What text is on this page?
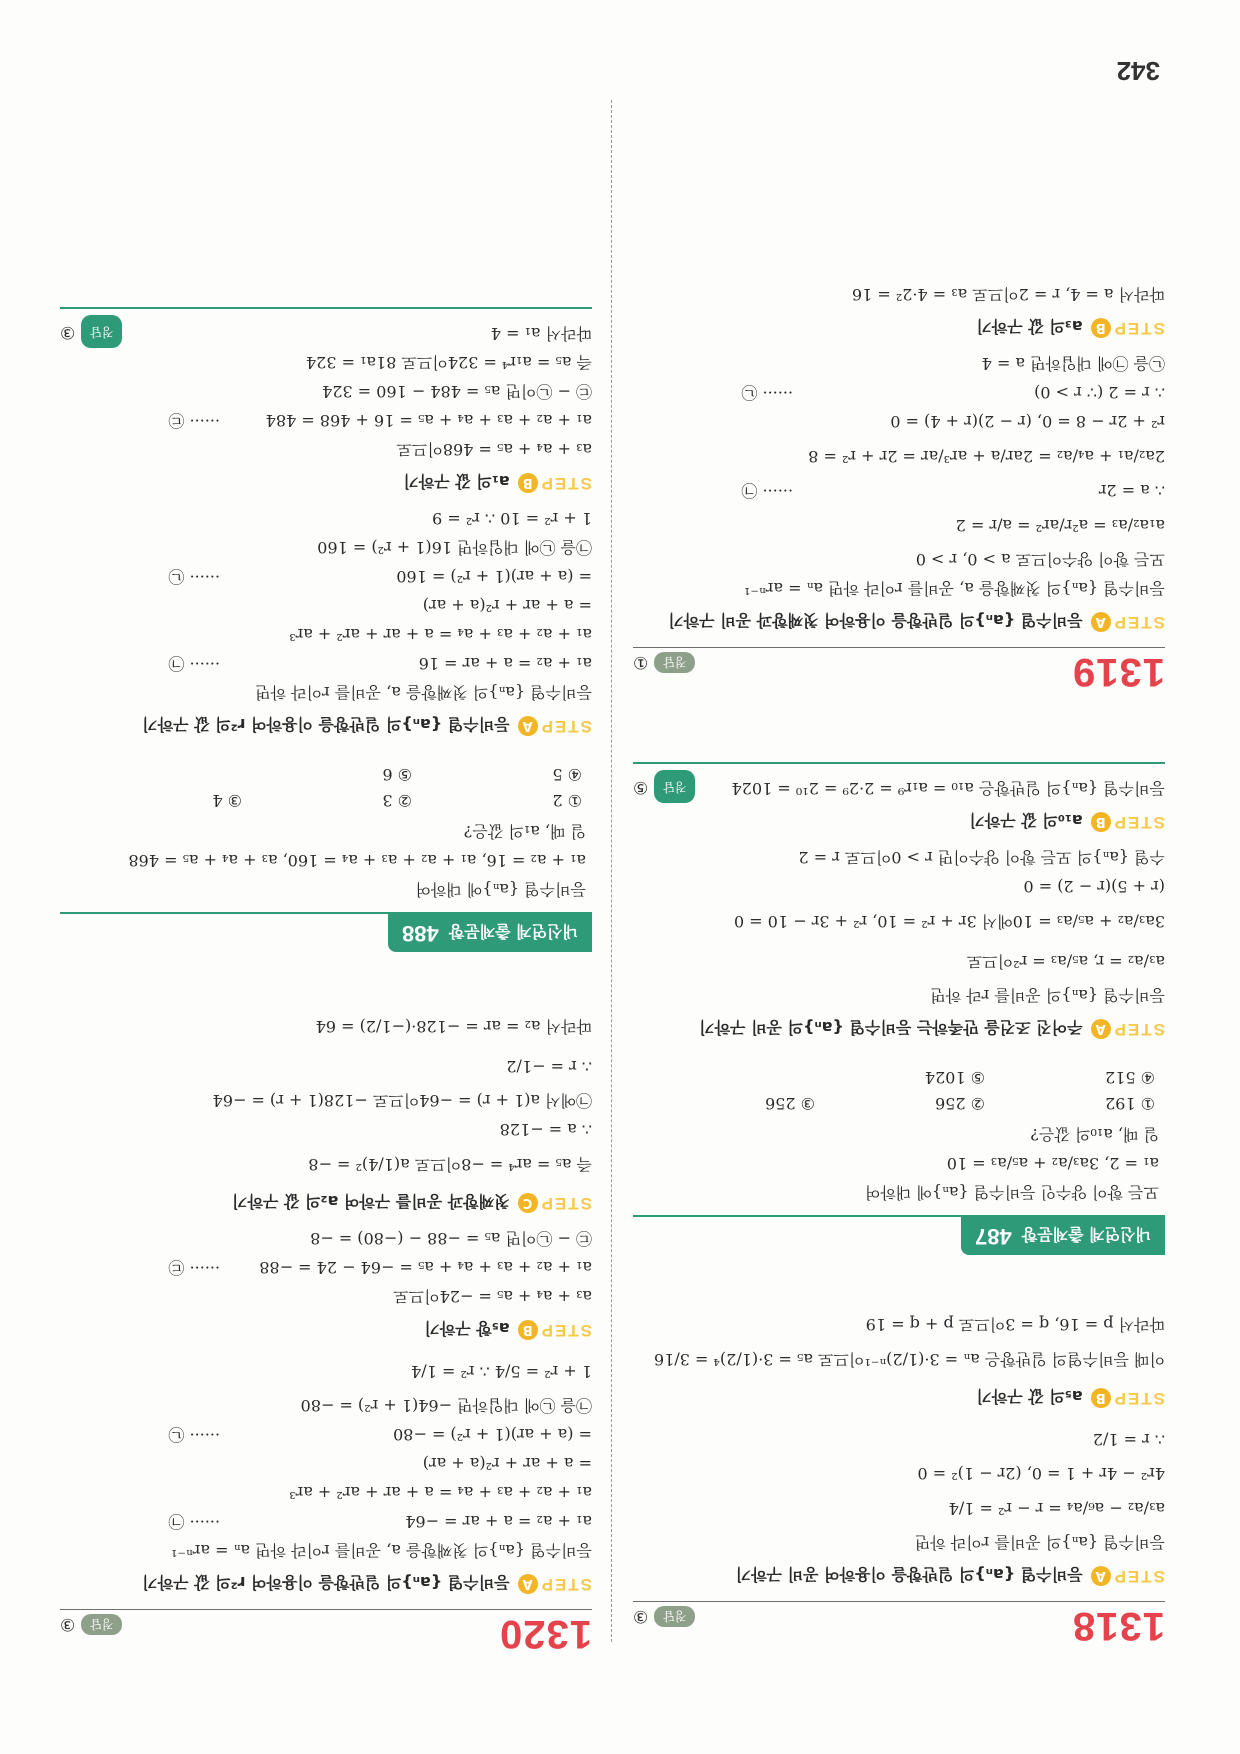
1318
정답
③
STEP
A
등비수열 {aₙ}의 일반항을 이용하여 공비 구하기
등비수열 {aₙ}의 공비를 r이라 하면
a₃/a₂ − a₆/a₄ = r − r² = 1/4
4r² − 4r + 1 = 0, (2r − 1)² = 0
∴ r = 1/2
STEP
B
a₅의 값 구하기
이때 등비수열의 일반항은 aₙ = 3·(1/2)ⁿ⁻¹이므로 a₅ = 3·(1/2)⁴ = 3/16
따라서 p = 16, q = 3이므로 p + q = 19
내신연계 출제문항
487
모든 항이 양수인 등비수열 {aₙ}에 대하여
a₁ = 2, 3a₃/a₂ + a₅/a₃ = 10
일 때, a₁₀의 값은?
① 192
② 256
③ 256
④ 512
⑤ 1024
STEP
A
주어진 조건을 만족하는 등비수열 {aₙ}의 공비 구하기
등비수열 {aₙ}의 공비를 r라 하면
a₃/a₂ = r, a₅/a₃ = r²이므로
3a₃/a₂ + a₅/a₃ = 10에서 3r + r² = 10, r² + 3r − 10 = 0
(r + 5)(r − 2) = 0
수열 {aₙ}의 모든 항이 양수이면 r > 0이므로 r = 2
STEP
B
a₁₀의 값 구하기
등비수열 {aₙ}의 일반항은 a₁₀ = a₁r⁹ = 2·2⁹ = 2¹⁰ = 1024
정답
⑤
1319
정답
①
STEP
A
등비수열 {aₙ}의 일반항을 이용하여 첫째항과 공비 구하기
등비수열 {aₙ}의 첫째항을 a, 공비를 r이라 하면 aₙ = arⁿ⁻¹
모든 항이 양수이므로 a > 0, r > 0
a₁a₂/a₃ = a²r/ar² = a/r = 2
∴ a = 2r
······ ㉠
2a₂/a₁ + a₄/a₂ = 2ar/a + ar³/ar = 2r + r² = 8
r² + 2r − 8 = 0, (r − 2)(r + 4) = 0
∴ r = 2 (∵ r > 0)
······ ㉡
㉡을 ㉠에 대입하면 a = 4
STEP
B
a₃의 값 구하기
따라서 a = 4, r = 2이므로 a₃ = 4·2² = 16
1320
정답
③
STEP
A
등비수열 {aₙ}의 일반항을 이용하여 r²의 값 구하기
등비수열 {aₙ}의 첫째항을 a, 공비를 r이라 하면 aₙ = arⁿ⁻¹
a₁ + a₂ = a + ar = −64
······ ㉠
a₁ + a₂ + a₃ + a₄ = a + ar + ar² + ar³
= a + ar + r²(a + ar)
= (a + ar)(1 + r²) = −80
······ ㉡
㉠을 ㉡에 대입하면 −64(1 + r²) = −80
1 + r² = 5/4 ∴ r² = 1/4
STEP
B
a₅항 구하기
a₃ + a₄ + a₅ = −24이므로
a₁ + a₂ + a₃ + a₄ + a₅ = −64 − 24 = −88
······ ㉢
㉢ − ㉡이면 a₅ = −88 − (−80) = −8
STEP
C
첫째항과 공비를 구하여 a₂의 값 구하기
즉 a₅ = ar⁴ = −8이므로 a(1/4)² = −8
∴ a = −128
㉠에서 a(1 + r) = −64이므로 −128(1 + r) = −64
∴ r = −1/2
따라서 a₂ = ar = −128·(−1/2) = 64
내신연계 출제문항
488
등비수열 {aₙ}에 대하여
a₁ + a₂ = 16, a₁ + a₂ + a₃ + a₄ = 160, a₃ + a₄ + a₅ = 468
일 때, a₁의 값은?
① 2
② 3
③ 4
④ 5
⑤ 6
STEP
A
등비수열 {aₙ}의 일반항을 이용하여 r²의 값 구하기
등비수열 {aₙ}의 첫째항을 a, 공비를 r이라 하면
a₁ + a₂ = a + ar = 16
······ ㉠
a₁ + a₂ + a₃ + a₄ = a + ar + ar² + ar³
= a + ar + r²(a + ar)
= (a + ar)(1 + r²) = 160
······ ㉡
㉠을 ㉡에 대입하면 16(1 + r²) = 160
1 + r² = 10 ∴ r² = 9
STEP
B
a₁의 값 구하기
a₃ + a₄ + a₅ = 468이므로
a₁ + a₂ + a₃ + a₄ + a₅ = 16 + 468 = 484
······ ㉢
㉢ − ㉡이면 a₅ = 484 − 160 = 324
즉 a₅ = a₁r⁴ = 324이므로 81a₁ = 324
따라서 a₁ = 4
정답
③
342
